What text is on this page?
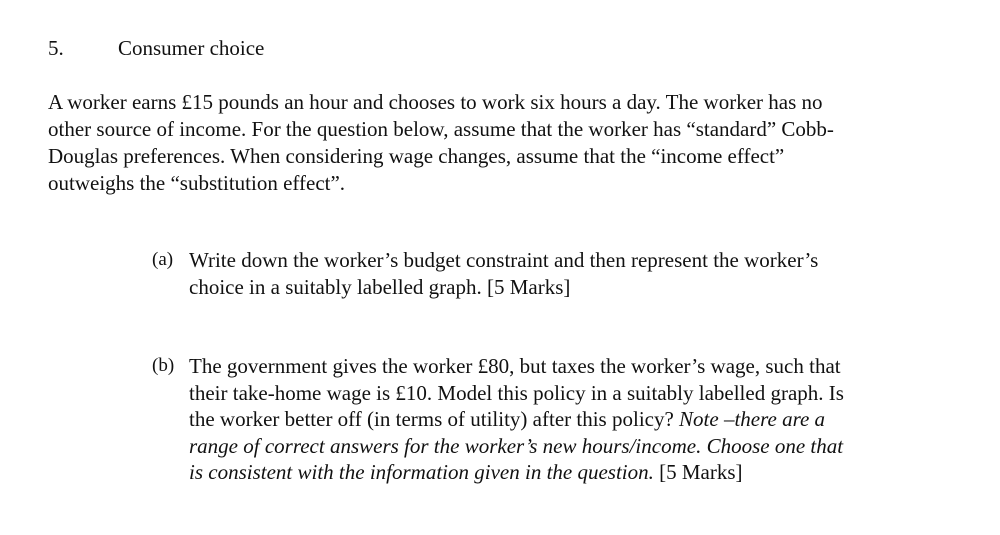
5.	Consumer choice
A worker earns £15 pounds an hour and chooses to work six hours a day. The worker has no
other source of income. For the question below, assume that the worker has “standard” Cobb-
Douglas preferences. When considering wage changes, assume that the “income effect”
outweighs the “substitution effect”.
(a) Write down the worker’s budget constraint and then represent the worker’s
choice in a suitably labelled graph. [5 Marks]
(b) The government gives the worker £80, but taxes the worker’s wage, such that
their take-home wage is £10. Model this policy in a suitably labelled graph. Is
the worker better off (in terms of utility) after this policy? Note –there are a
range of correct answers for the worker’s new hours/income. Choose one that
is consistent with the information given in the question. [5 Marks]
